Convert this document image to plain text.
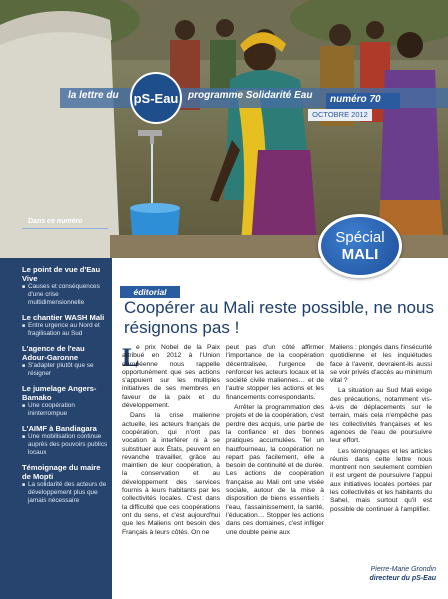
la lettre du pS-Eau programme Solidarité Eau numéro 70
OCTOBRE 2012
Dans ce numéro
Le point de vue d'Eau Vive
■ Causes et conséquences d'une crise multidimensionnelle
Le chantier WASH Mali
■ Entre urgence au Nord et fragilisation au Sud
L'agence de l'eau Adour-Garonne
■ S'adapter plutôt que se résigner
Le jumelage Angers-Bamako
■ Une coopération ininterrompue
L'AIMF à Bandiagara
■ Une mobilisation continue auprès des pouvoirs publics locaux
Témoignage du maire de Mopti
■ La solidarité des acteurs de développement plus que jamais nécessaire
Spécial
MALI
éditorial
Coopérer au Mali reste possible, ne nous résignons pas !
L

e prix Nobel de la Paix attribué en 2012 à l'Union européenne nous rappelle opportunément que ses actions s'appuient sur les multiples initiatives de ses membres en faveur de la paix et du développement.

Dans la crise malienne actuelle, les acteurs français de coopération, qui n'ont pas vocation à interférer ni à se substituer aux États, peuvent en revanche travailler, grâce au maintien de leur coopération, à la conservation et au développement des services fournis à leurs habitants par les collectivités locales. C'est dans la difficulté que ces coopérations ont du sens, et c'est aujourd'hui que les Maliens ont besoin des Français à leurs côtés. On ne

peut pas d'un côté affirmer l'importance de la coopération décentralisée, l'urgence de renforcer les acteurs locaux et la société civile maliennes… et de l'autre stopper les actions et les financements correspondants.

Arrêter la programmation des projets et de la coopération, c'est perdre des acquis, une partie de la confiance et des bonnes pratiques accumulées. Tel un hautfourneau, la coopération ne repart pas facilement, elle a besoin de continuité et de durée. Les actions de coopération française au Mali ont une visée sociale, autour de la mise à disposition de biens essentiels : l'eau, l'assainissement, la santé, l'éducation… Stopper les actions dans ces domaines, c'est infliger une double peine aux

Maliens : plongés dans l'insécurité quotidienne et les inquiétudes face à l'avenir, devraient-ils aussi se voir privés d'accès au minimum vital ?

La situation au Sud Mali exige des précautions, notamment vis-à-vis de déplacements sur le terrain, mais cela n'empêche pas les collectivités françaises et les agences de l'eau de poursuivre leur effort.

Les témoignages et les articles réunis dans cette lettre nous montrent non seulement combien il est urgent de poursuivre l'appui aux initiatives locales portées par les collectivités et les habitants du Sahel, mais surtout qu'il est possible de continuer à l'amplifier.

Pierre-Marie Grondin
directeur du pS-Eau
